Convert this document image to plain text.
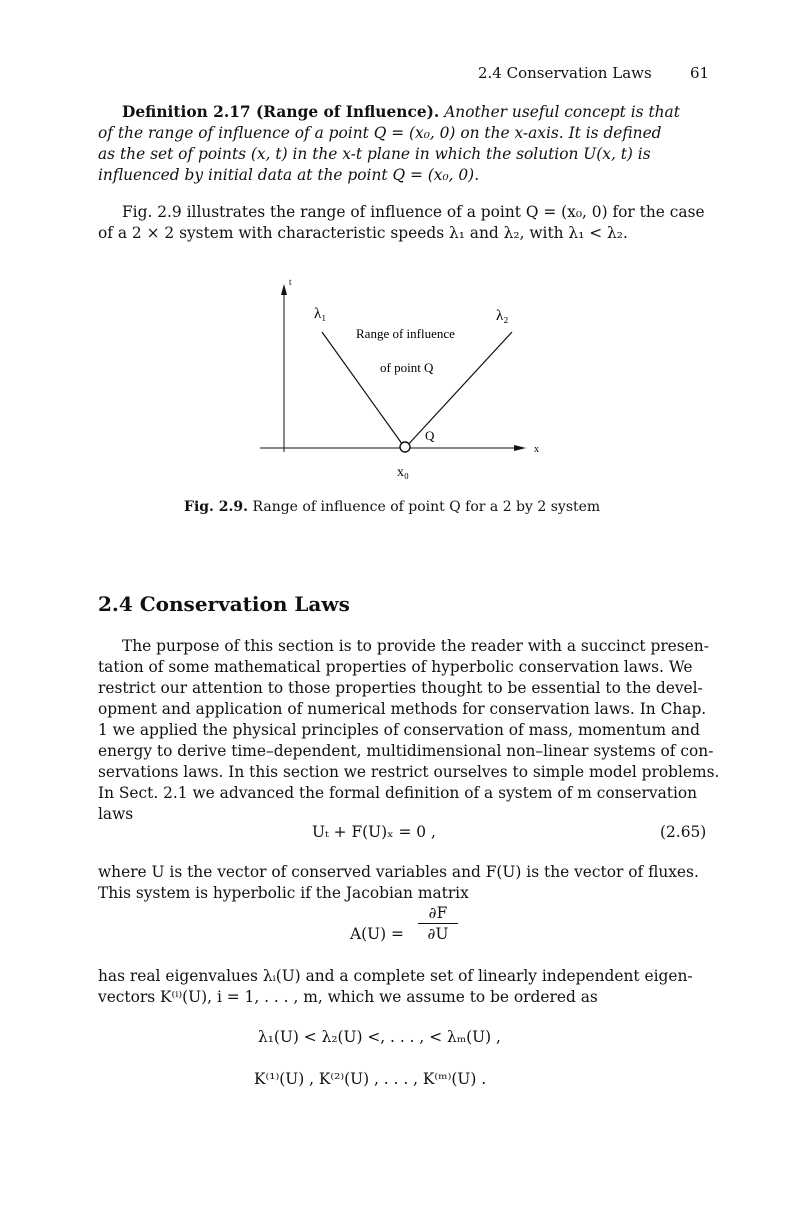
2.4 Conservation Laws	61
Definition 2.17 (Range of Influence). Another useful concept is that
of the range of influence of a point Q = (x₀, 0) on the x-axis. It is defined
as the set of points (x, t) in the x-t plane in which the solution U(x, t) is
influenced by initial data at the point Q = (x₀, 0).
Fig. 2.9 illustrates the range of influence of a point Q = (x₀, 0) for the case
of a 2 × 2 system with characteristic speeds λ₁ and λ₂, with λ₁ < λ₂.
t
x
λ₁	λ₂
Range of influence
of point Q
Q
x₀
Fig. 2.9. Range of influence of point Q for a 2 by 2 system
2.4 Conservation Laws
The purpose of this section is to provide the reader with a succinct presen-
tation of some mathematical properties of hyperbolic conservation laws. We
restrict our attention to those properties thought to be essential to the devel-
opment and application of numerical methods for conservation laws. In Chap.
1 we applied the physical principles of conservation of mass, momentum and
energy to derive time–dependent, multidimensional non–linear systems of con-
servations laws. In this section we restrict ourselves to simple model problems.
In Sect. 2.1 we advanced the formal definition of a system of m conservation
laws
Uₜ + F(U)ₓ = 0 ,	(2.65)
where U is the vector of conserved variables and F(U) is the vector of fluxes.
This system is hyperbolic if the Jacobian matrix
$A(U) = \frac{\partial F}{\partial U}$
has real eigenvalues λᵢ(U) and a complete set of linearly independent eigen-
vectors K⁽ⁱ⁾(U), i = 1, . . . , m, which we assume to be ordered as
λ₁(U) < λ₂(U) <, . . . , < λₘ(U) ,
K⁽¹⁾(U) , K⁽²⁾(U) , . . . , K⁽ᵐ⁾(U) .
